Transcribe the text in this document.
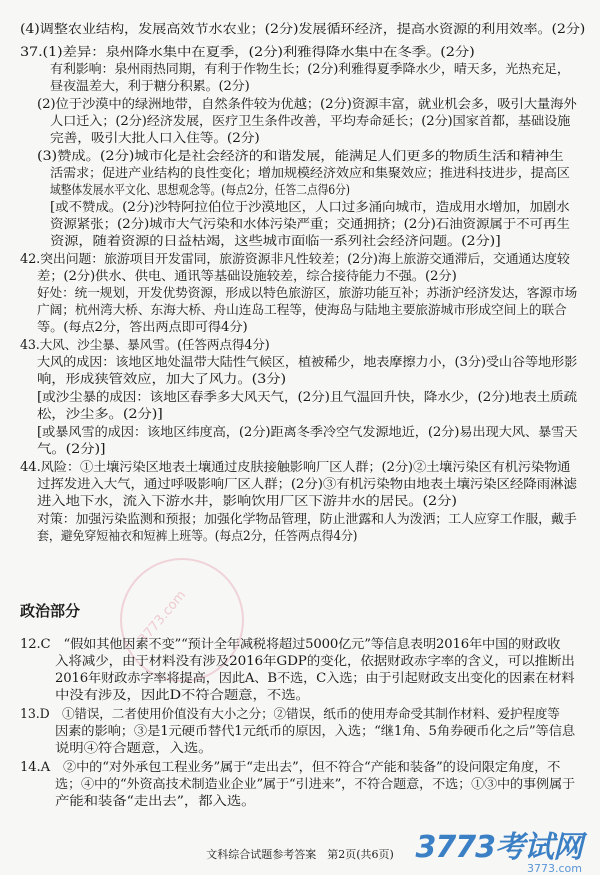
3773.com
(4)调整农业结构，发展高效节水农业；(2分)发展循环经济，提高水资源的利用效率。(2分)
37.(1)差异：泉州降水集中在夏季，(2分)利雅得降水集中在冬季。(2分)
有利影响：泉州雨热同期，有利于作物生长；(2分)利雅得夏季降水少，晴天多，光热充足，
昼夜温差大，利于糖分积累。(2分)
(2)位于沙漠中的绿洲地带，自然条件较为优越；(2分)资源丰富，就业机会多，吸引大量海外
人口迁入；(2分)经济发展，医疗卫生条件改善，平均寿命延长；(2分)国家首都，基础设施
完善，吸引大批人口入住等。(2分)
(3)赞成。(2分)城市化是社会经济的和谐发展，能满足人们更多的物质生活和精神生
活需求；促进产业结构的良性变化；增加规模经济效应和集聚效应；推进科技进步，提高区
域整体发展水平文化、思想观念等。(每点2分，任答二点得6分)
[或不赞成。(2分)沙特阿拉伯位于沙漠地区，人口过多涌向城市，造成用水增加，加剧水
资源紧张；(2分)城市大气污染和水体污染严重；交通拥挤；(2分)石油资源属于不可再生
资源，随着资源的日益枯竭，这些城市面临一系列社会经济问题。(2分)]
42.突出问题：旅游项目开发雷同，旅游资源非凡性较差；(2分)海上旅游交通滞后，交通通达度较
差；(2分)供水、供电、通讯等基础设施较差，综合接待能力不强。(2分)
好处：统一规划，开发优势资源，形成以特色旅游区，旅游功能互补；苏浙沪经济发达，客源市场
广阔；杭州湾大桥、东海大桥、舟山连岛工程等，使海岛与陆地主要旅游城市形成空间上的联合
等。(每点2分，答出两点即可得4分)
43.大风、沙尘暴、暴风雪。(任答两点得4分)
大风的成因：该地区地处温带大陆性气候区，植被稀少，地表摩擦力小，(3分)受山谷等地形影
响，形成狭管效应，加大了风力。(3分)
[或沙尘暴的成因：该地区春季多大风天气，(2分)且气温回升快，降水少，(2分)地表土质疏
松，沙尘多。(2分)]
[或暴风雪的成因：该地区纬度高，(2分)距离冬季冷空气发源地近，(2分)易出现大风、暴雪天
气。(2分)]
44.风险：①土壤污染区地表土壤通过皮肤接触影响厂区人群；(2分)②土壤污染区有机污染物通
过挥发进入大气，通过呼吸影响厂区人群；(2分)③有机污染物由地表土壤污染区经降雨淋滤
进入地下水，流入下游水井，影响饮用厂区下游井水的居民。(2分)
对策：加强污染监测和预报；加强化学物品管理，防止泄露和人为泼洒；工人应穿工作服，戴手
套，避免穿短袖衣和短裤上班等。(每点2分，任答两点得4分)
12.C　“假如其他因素不变”“预计全年减税将超过5000亿元”等信息表明2016年中国的财政收
入将减少，由于材料没有涉及2016年GDP的变化，依据财政赤字率的含义，可以推断出
2016年财政赤字率将提高，因此A、B不选，C入选；由于引起财政支出变化的因素在材料
中没有涉及，因此D不符合题意，不选。
13.D　①错误，二者使用价值没有大小之分；②错误，纸币的使用寿命受其制作材料、爱护程度等
因素的影响；③是1元硬币替代1元纸币的原因，入选；“继1角、5角券硬币化之后”等信息
说明④符合题意，入选。
14.A　②中的“对外承包工程业务”属于“走出去”，但不符合“产能和装备”的设问限定角度，不
选；④中的“外资高技术制造业企业”属于“引进来”，不符合题意，不选；①③中的事例属于
产能和装备“走出去”，都入选。
政治部分
文科综合试题参考答案　第2页(共6页) 3773考试网
3773.com
